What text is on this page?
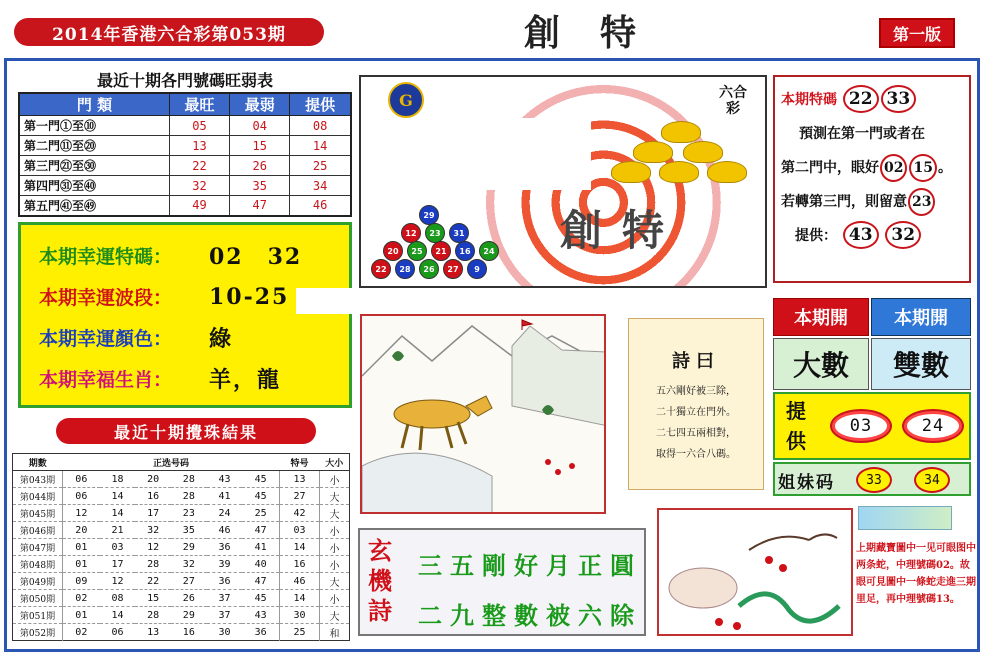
2014年香港六合彩第053期	創特	第一版
最近十期各門號碼旺弱表
門 類	最旺	最弱	提供
第一門①至⑩	05	04	08
第二門⑪至⑳	13	15	14
第三門㉑至㉚	22	26	25
第四門㉛至㊵	32	35	34
第五門㊶至㊾	49	47	46
本期幸運特碼：	02　32
本期幸運波段：	10-25
本期幸運顏色：	綠
本期幸福生肖：	羊，龍
最近十期攪珠結果
期數	正选号码						特号	大小
第043期	06	18	20	28	43	45	13	小
第044期	06	14	16	28	41	45	27	大
第045期	12	14	17	23	24	25	42	大
第046期	20	21	32	35	46	47	03	小
第047期	01	03	12	29	36	41	14	小
第048期	01	17	28	32	39	40	16	小
第049期	09	12	22	27	36	47	46	大
第050期	02	08	15	26	37	45	14	小
第051期	01	14	28	29	37	43	30	大
第052期	02	06	13	16	30	36	25	和
29
12	23	31
20	25	21	16	24
22	28	26	27	9
G	六合彩
創特
本期特碼 22 33
預測在第一門或者在
第二門中，眼好 02 15 。
若轉第三門，則留意 23
提供： 43 32
詩曰
五六剛好被三除，
二十獨立在門外。
二七四五兩相對，
取得一六合八碼。
本期開	本期開
大數	雙數
提供
03	24
姐妹码	33	34
玄機詩
三五剛好月正圓
二九整數被六除
上期藏寶圖中一见可眼图中两条蛇，中理號碼02。故眼可見圖中一條蛇走進三期里足，再中理號碼13。
